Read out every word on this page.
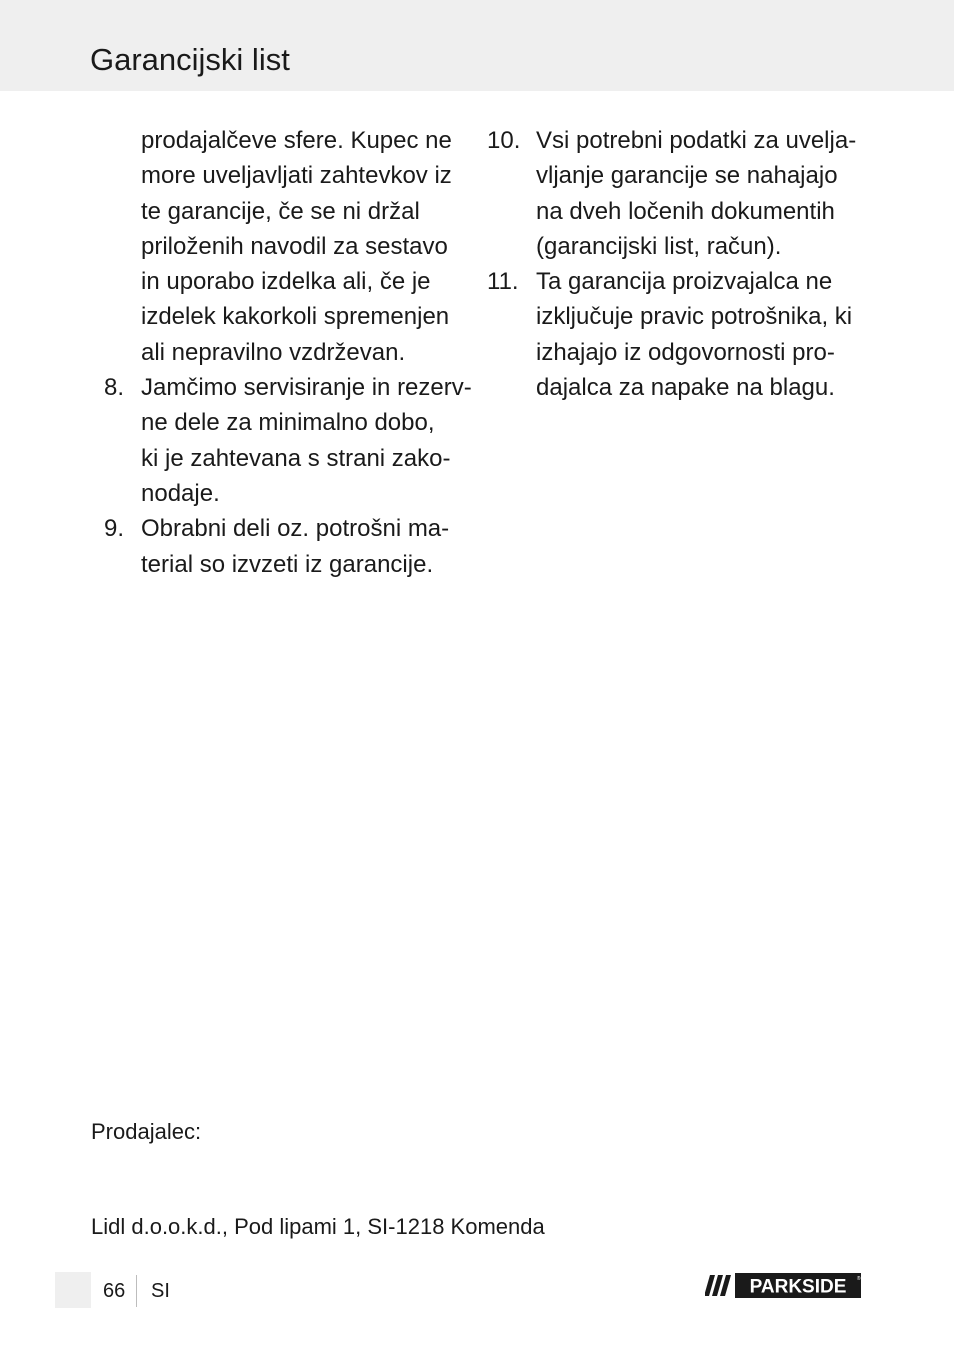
Garancijski list
prodajalčeve sfere. Kupec ne
more uveljavljati zahtevkov iz
te garancije, če se ni držal
priloženih navodil za sestavo
in uporabo izdelka ali, če je
izdelek kakorkoli spremenjen
ali nepravilno vzdrževan.
8. Jamčimo servisiranje in rezerv-
ne dele za minimalno dobo,
ki je zahtevana s strani zako-
nodaje.
9. Obrabni deli oz. potrošni ma-
terial so izvzeti iz garancije.
10. Vsi potrebni podatki za uvelja-
vljanje garancije se nahajajo
na dveh ločenih dokumentih
(garancijski list, račun).
11. Ta garancija proizvajalca ne
izključuje pravic potrošnika, ki
izhajajo iz odgovornosti pro-
dajalca za napake na blagu.
Prodajalec:
Lidl d.o.o.k.d., Pod lipami 1, SI-1218 Komenda
66 SI	PARKSIDE ®
